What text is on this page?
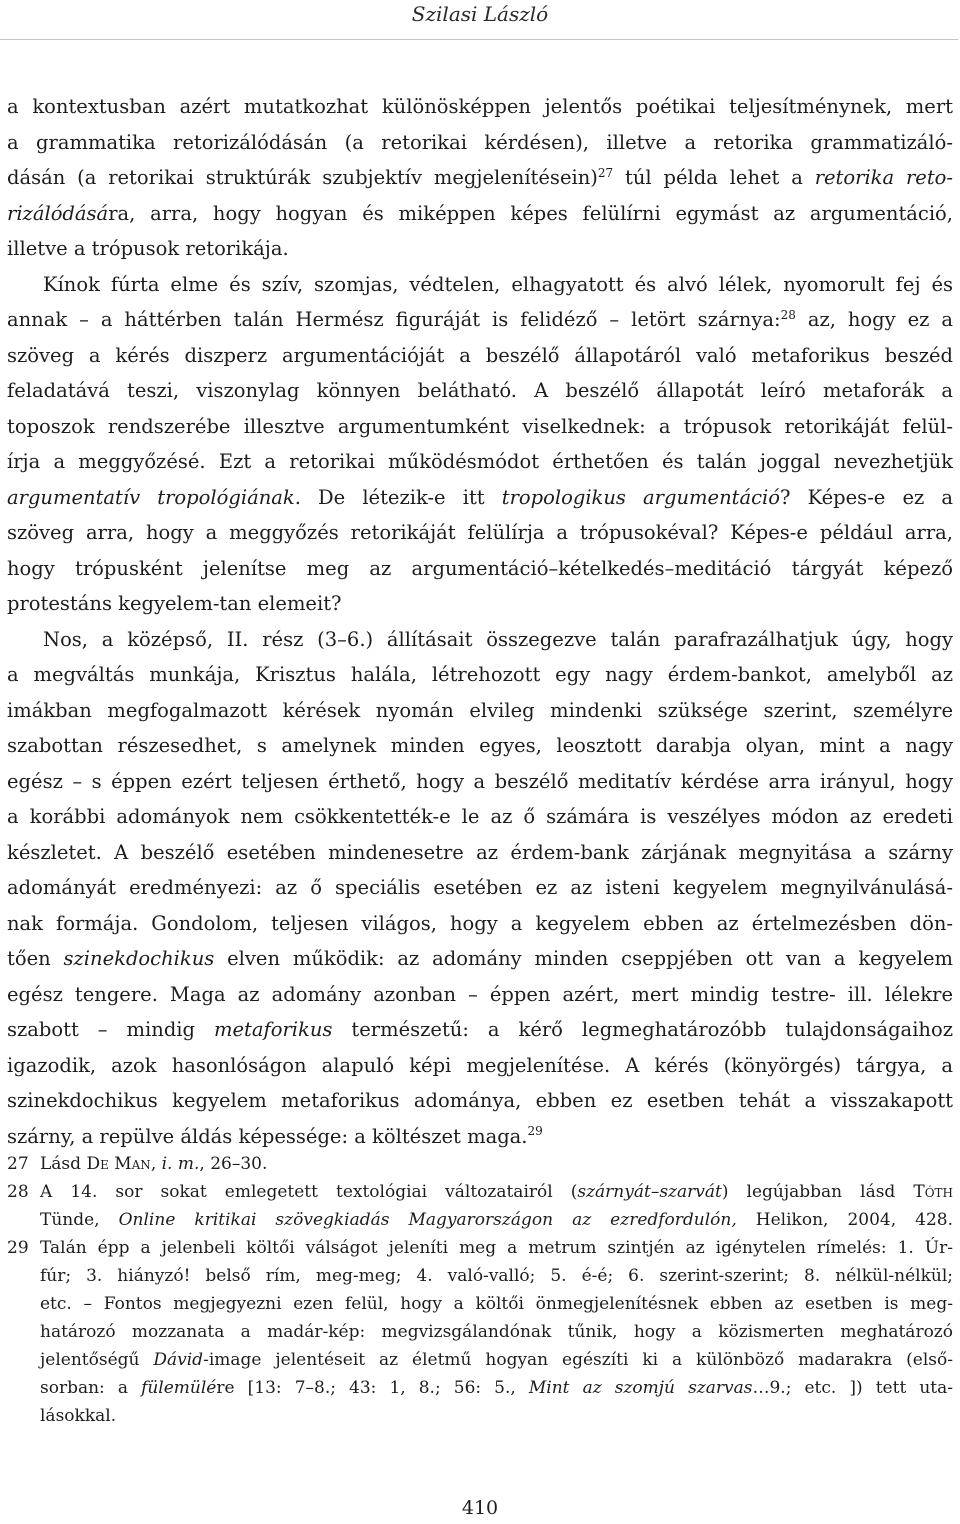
Szilasi László
a kontextusban azért mutatkozhat különösképpen jelentős poétikai teljesítménynek, mert
a grammatika retorizálódásán (a retorikai kérdésen), illetve a retorika grammatizáló-
dásán (a retorikai struktúrák szubjektív megjelenítésein)$^{27}$ túl példa lehet a retorika reto-
rizálódására, arra, hogy hogyan és miképpen képes felülírni egymást az argumentáció,
illetve a trópusok retorikája.
Kínok fúrta elme és szív, szomjas, védtelen, elhagyatott és alvó lélek, nyomorult fej és
annak – a háttérben talán Hermész figuráját is felidéző – letört szárnya:$^{28}$ az, hogy ez a
szöveg a kérés diszperz argumentációját a beszélő állapotáról való metaforikus beszéd
feladatává teszi, viszonylag könnyen belátható. A beszélő állapotát leíró metaforák a
toposzok rendszerébe illesztve argumentumként viselkednek: a trópusok retorikáját felül-
írja a meggyőzésé. Ezt a retorikai működésmódot érthetően és talán joggal nevezhetjük
argumentatív tropológiának. De létezik-e itt tropologikus argumentáció? Képes-e ez a
szöveg arra, hogy a meggyőzés retorikáját felülírja a trópusokéval? Képes-e például arra,
hogy trópusként jelenítse meg az argumentáció–kételkedés–meditáció tárgyát képező
protestáns kegyelem-tan elemeit?
Nos, a középső, II. rész (3–6.) állításait összegezve talán parafrazálhatjuk úgy, hogy
a megváltás munkája, Krisztus halála, létrehozott egy nagy érdem-bankot, amelyből az
imákban megfogalmazott kérések nyomán elvileg mindenki szüksége szerint, személyre
szabottan részesedhet, s amelynek minden egyes, leosztott darabja olyan, mint a nagy
egész – s éppen ezért teljesen érthető, hogy a beszélő meditatív kérdése arra irányul, hogy
a korábbi adományok nem csökkentették-e le az ő számára is veszélyes módon az eredeti
készletet. A beszélő esetében mindenesetre az érdem-bank zárjának megnyitása a szárny
adományát eredményezi: az ő speciális esetében ez az isteni kegyelem megnyilvánulásá-
nak formája. Gondolom, teljesen világos, hogy a kegyelem ebben az értelmezésben dön-
tően szinekdochikus elven működik: az adomány minden cseppjében ott van a kegyelem
egész tengere. Maga az adomány azonban – éppen azért, mert mindig testre- ill. lélekre
szabott – mindig metaforikus természetű: a kérő legmeghatározóbb tulajdonságaihoz
igazodik, azok hasonlóságon alapuló képi megjelenítése. A kérés (könyörgés) tárgya, a
szinekdochikus kegyelem metaforikus adománya, ebben ez esetben tehát a visszakapott
szárny, a repülve áldás képessége: a költészet maga.$^{29}$
27 Lásd De Man, i. m., 26–30.
28 A 14. sor sokat emlegetett textológiai változatairól (szárnyát–szarvát) legújabban lásd Tóth
Tünde, Online kritikai szövegkiadás Magyarországon az ezredfordulón, Helikon, 2004, 428.
29 Talán épp a jelenbeli költői válságot jeleníti meg a metrum szintjén az igénytelen rímelés: 1. Úr-
fúr; 3. hiányzó! belső rím, meg-meg; 4. való-valló; 5. é-é; 6. szerint-szerint; 8. nélkül-nélkül;
etc. – Fontos megjegyezni ezen felül, hogy a költői önmegjelenítésnek ebben az esetben is meg-
határozó mozzanata a madár-kép: megvizsgálandónak tűnik, hogy a közismerten meghatározó
jelentőségű Dávid-image jelentéseit az életmű hogyan egészíti ki a különböző madarakra (első-
sorban: a fülemülére [13: 7–8.; 43: 1, 8.; 56: 5., Mint az szomjú szarvas…9.; etc. ]) tett uta-
lásokkal.
410
